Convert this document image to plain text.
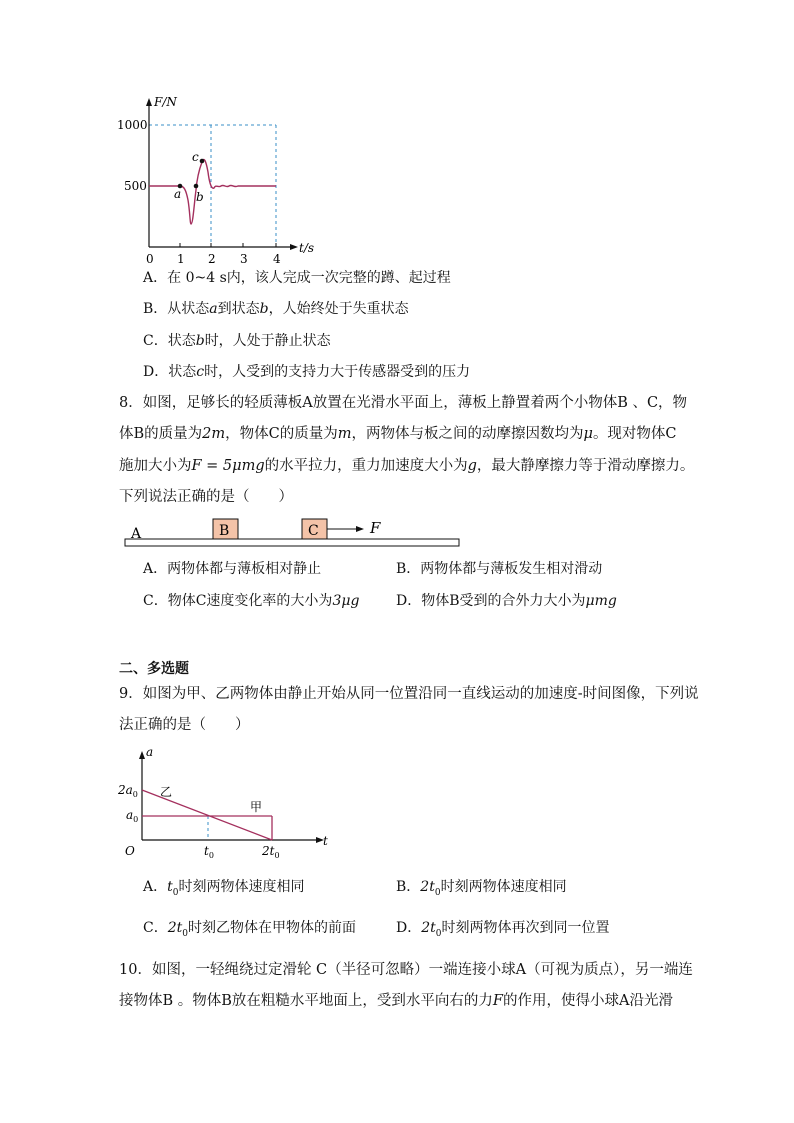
F/N
1000
500
0 1 2 3 4
t/s
a b
c
A．在 0~4 s内，该人完成一次完整的蹲、起过程
B．从状态a到状态b，人始终处于失重状态
C．状态b时，人处于静止状态
D．状态c时，人受到的支持力大于传感器受到的压力
8．如图，足够长的轻质薄板A放置在光滑水平面上，薄板上静置着两个小物体B 、C，物
体B的质量为2m，物体C的质量为m，两物体与板之间的动摩擦因数均为μ。现对物体C
施加大小为F = 5μmg的水平拉力，重力加速度大小为g，最大静摩擦力等于滑动摩擦力。
下列说法正确的是（　　）
A	B	C	F
A．两物体都与薄板相对静止	B．两物体都与薄板发生相对滑动
C．物体C速度变化率的大小为3μg	D．物体B受到的合外力大小为μmg
二、多选题
9．如图为甲、乙两物体由静止开始从同一位置沿同一直线运动的加速度-时间图像，下列说
法正确的是（　　）
a
t
O
$2a_0$
$a_0$
$t_0$	$2t_0$
乙
甲
A．$t_0$时刻两物体速度相同	B．$2t_0$时刻两物体速度相同
C．$2t_0$时刻乙物体在甲物体的前面	D．$2t_0$时刻两物体再次到同一位置
10．如图，一轻绳绕过定滑轮 C（半径可忽略）一端连接小球A（可视为质点），另一端连
接物体B 。物体B放在粗糙水平地面上，受到水平向右的力F的作用，使得小球A沿光滑
